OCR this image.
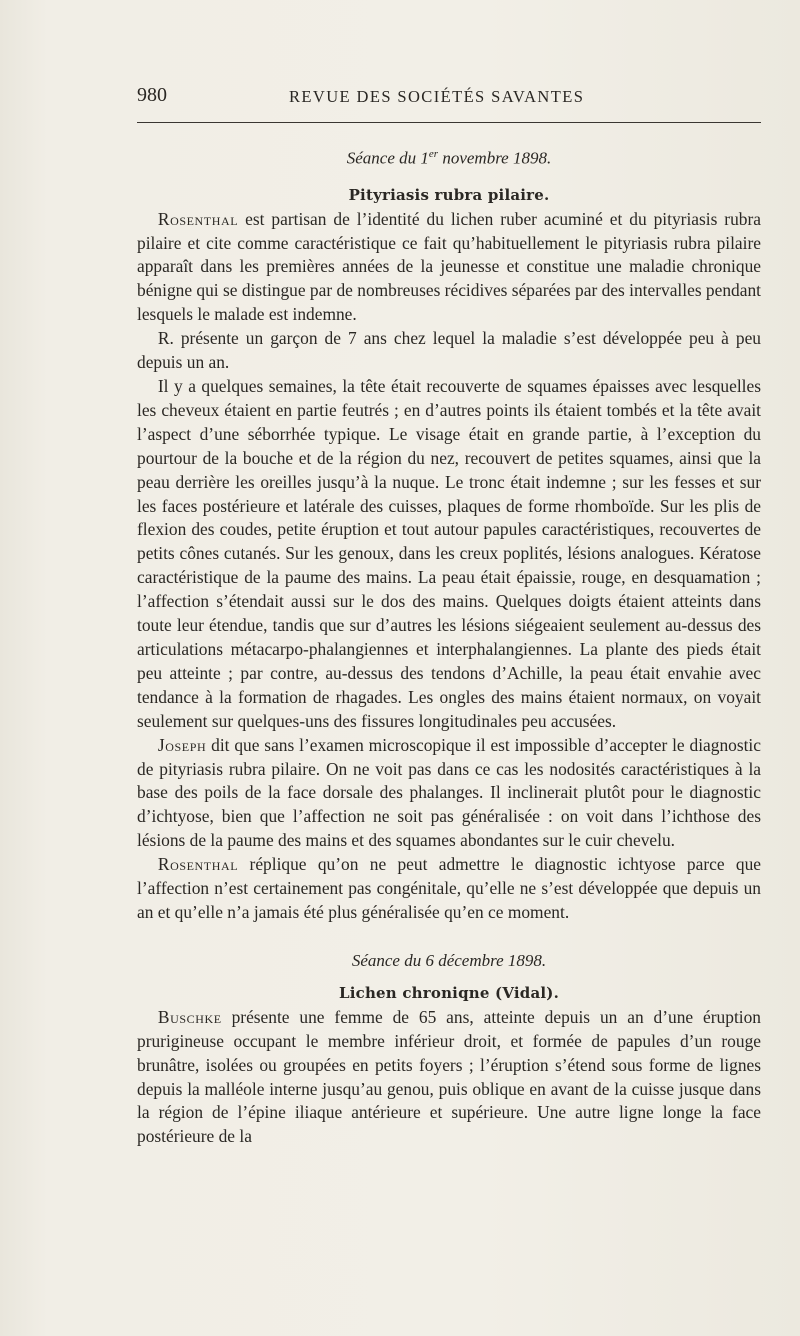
980	REVUE DES SOCIÉTÉS SAVANTES
Séance du 1er novembre 1898.
Pityriasis rubra pilaire.

Rosenthal est partisan de l’identité du lichen ruber acuminé et du pityriasis rubra pilaire et cite comme caractéristique ce fait qu’habituellement le pityriasis rubra pilaire apparaît dans les premières années de la jeunesse et constitue une maladie chronique bénigne qui se distingue par de nombreuses récidives séparées par des intervalles pendant lesquels le malade est indemne.

R. présente un garçon de 7 ans chez lequel la maladie s’est développée peu à peu depuis un an.

Il y a quelques semaines, la tête était recouverte de squames épaisses avec lesquelles les cheveux étaient en partie feutrés ; en d’autres points ils étaient tombés et la tête avait l’aspect d’une séborrhée typique. Le visage était en grande partie, à l’exception du pourtour de la bouche et de la région du nez, recouvert de petites squames, ainsi que la peau derrière les oreilles jusqu’à la nuque. Le tronc était indemne ; sur les fesses et sur les faces postérieure et latérale des cuisses, plaques de forme rhomboïde. Sur les plis de flexion des coudes, petite éruption et tout autour papules caractéristiques, recouvertes de petits cônes cutanés. Sur les genoux, dans les creux poplités, lésions analogues. Kératose caractéristique de la paume des mains. La peau était épaissie, rouge, en desquamation ; l’affection s’étendait aussi sur le dos des mains. Quelques doigts étaient atteints dans toute leur étendue, tandis que sur d’autres les lésions siégeaient seulement au-dessus des articulations métacarpo-phalangiennes et interphalangiennes. La plante des pieds était peu atteinte ; par contre, au-dessus des tendons d’Achille, la peau était envahie avec tendance à la formation de rhagades. Les ongles des mains étaient normaux, on voyait seulement sur quelques-uns des fissures longitudinales peu accusées.

Joseph dit que sans l’examen microscopique il est impossible d’accepter le diagnostic de pityriasis rubra pilaire. On ne voit pas dans ce cas les nodosités caractéristiques à la base des poils de la face dorsale des phalanges. Il inclinerait plutôt pour le diagnostic d’ichtyose, bien que l’affection ne soit pas généralisée : on voit dans l’ichthose des lésions de la paume des mains et des squames abondantes sur le cuir chevelu.

Rosenthal réplique qu’on ne peut admettre le diagnostic ichtyose parce que l’affection n’est certainement pas congénitale, qu’elle ne s’est développée que depuis un an et qu’elle n’a jamais été plus généralisée qu’en ce moment.

Séance du 6 décembre 1898.
Lichen chroniqne (Vidal).

Buschke présente une femme de 65 ans, atteinte depuis un an d’une éruption prurigineuse occupant le membre inférieur droit, et formée de papules d’un rouge brunâtre, isolées ou groupées en petits foyers ; l’éruption s’étend sous forme de lignes depuis la malléole interne jusqu’au genou, puis oblique en avant de la cuisse jusque dans la région de l’épine iliaque antérieure et supérieure. Une autre ligne longe la face postérieure de la
